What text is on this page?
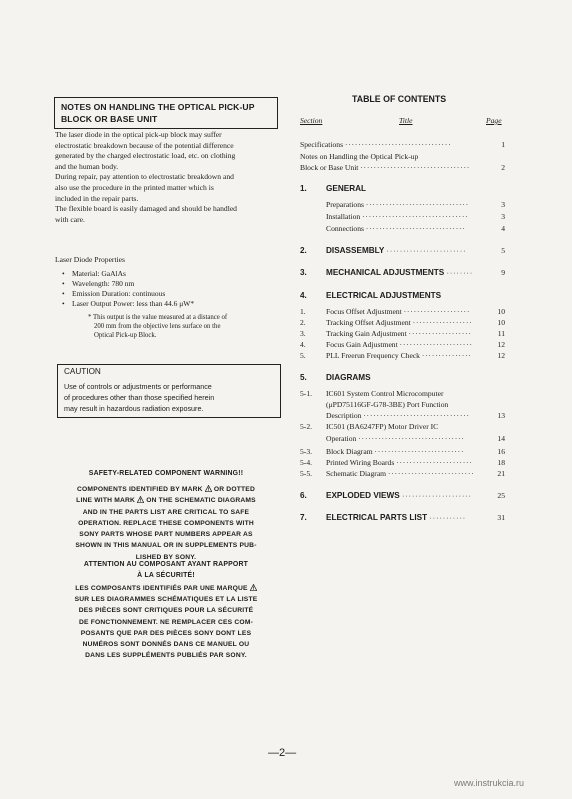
NOTES ON HANDLING THE OPTICAL PICK-UP
BLOCK OR BASE UNIT
The laser diode in the optical pick-up block may suffer
electrostatic breakdown because of the potential difference
generated by the charged electrostatic load, etc. on clothing
and the human body.
During repair, pay attention to electrostatic breakdown and
also use the procedure in the printed matter which is
included in the repair parts.
The flexible board is easily damaged and should be handled
with care.
Laser Diode Properties
• Material: GaAlAs
• Wavelength: 780 nm
• Emission Duration: continuous
• Laser Output Power: less than 44.6 μW*
* This output is the value measured at a distance of
200 mm from the objective lens surface on the
Optical Pick-up Block.
CAUTION
Use of controls or adjustments or performance
of procedures other than those specified herein
may result in hazardous radiation exposure.
SAFETY-RELATED COMPONENT WARNING!!
COMPONENTS IDENTIFIED BY MARK OR DOTTED
LINE WITH MARK ON THE SCHEMATIC DIAGRAMS
AND IN THE PARTS LIST ARE CRITICAL TO SAFE
OPERATION. REPLACE THESE COMPONENTS WITH
SONY PARTS WHOSE PART NUMBERS APPEAR AS
SHOWN IN THIS MANUAL OR IN SUPPLEMENTS PUB-
LISHED BY SONY.
ATTENTION AU COMPOSANT AYANT RAPPORT
À LA SÉCURITÉ!
LES COMPOSANTS IDENTIFIÉS PAR UNE MARQUE
SUR LES DIAGRAMMES SCHÉMATIQUES ET LA LISTE
DES PIÈCES SONT CRITIQUES POUR LA SÉCURITÉ
DE FONCTIONNEMENT. NE REMPLACER CES COM-
POSANTS QUE PAR DES PIÈCES SONY DONT LES
NUMÉROS SONT DONNÉS DANS CE MANUEL OU
DANS LES SUPPLÉMENTS PUBLIÉS PAR SONY.
TABLE OF CONTENTS
Section	Title	Page
Specifications ································	1
Notes on Handling the Optical Pick-up
Block or Base Unit ·································	2
1. GENERAL
Preparations ·······························	3
Installation ································	3
Connections ······························	4
2. DISASSEMBLY ························	5
3. MECHANICAL ADJUSTMENTS ········	9
4. ELECTRICAL ADJUSTMENTS
1.	Focus Offset Adjustment ····················	10
2.	Tracking Offset Adjustment ··················	10
3.	Tracking Gain Adjustment ···················	11
4.	Focus Gain Adjustment ······················	12
5.	PLL Freerun Frequency Check ···············	12
5. DIAGRAMS
5-1. IC601 System Control Microcomputer
(μPD75116GF-G78-3BE) Port Function
Description ································	13
5-2. IC501 (BA6247FP) Motor Driver IC
Operation ································	14
5-3. Block Diagram ···························	16
5-4. Printed Wiring Boards ·······················	18
5-5. Schematic Diagram ··························	21
6. EXPLODED VIEWS ·····················	25
7. ELECTRICAL PARTS LIST ···········	31
—2—
www.instrukcia.ru
